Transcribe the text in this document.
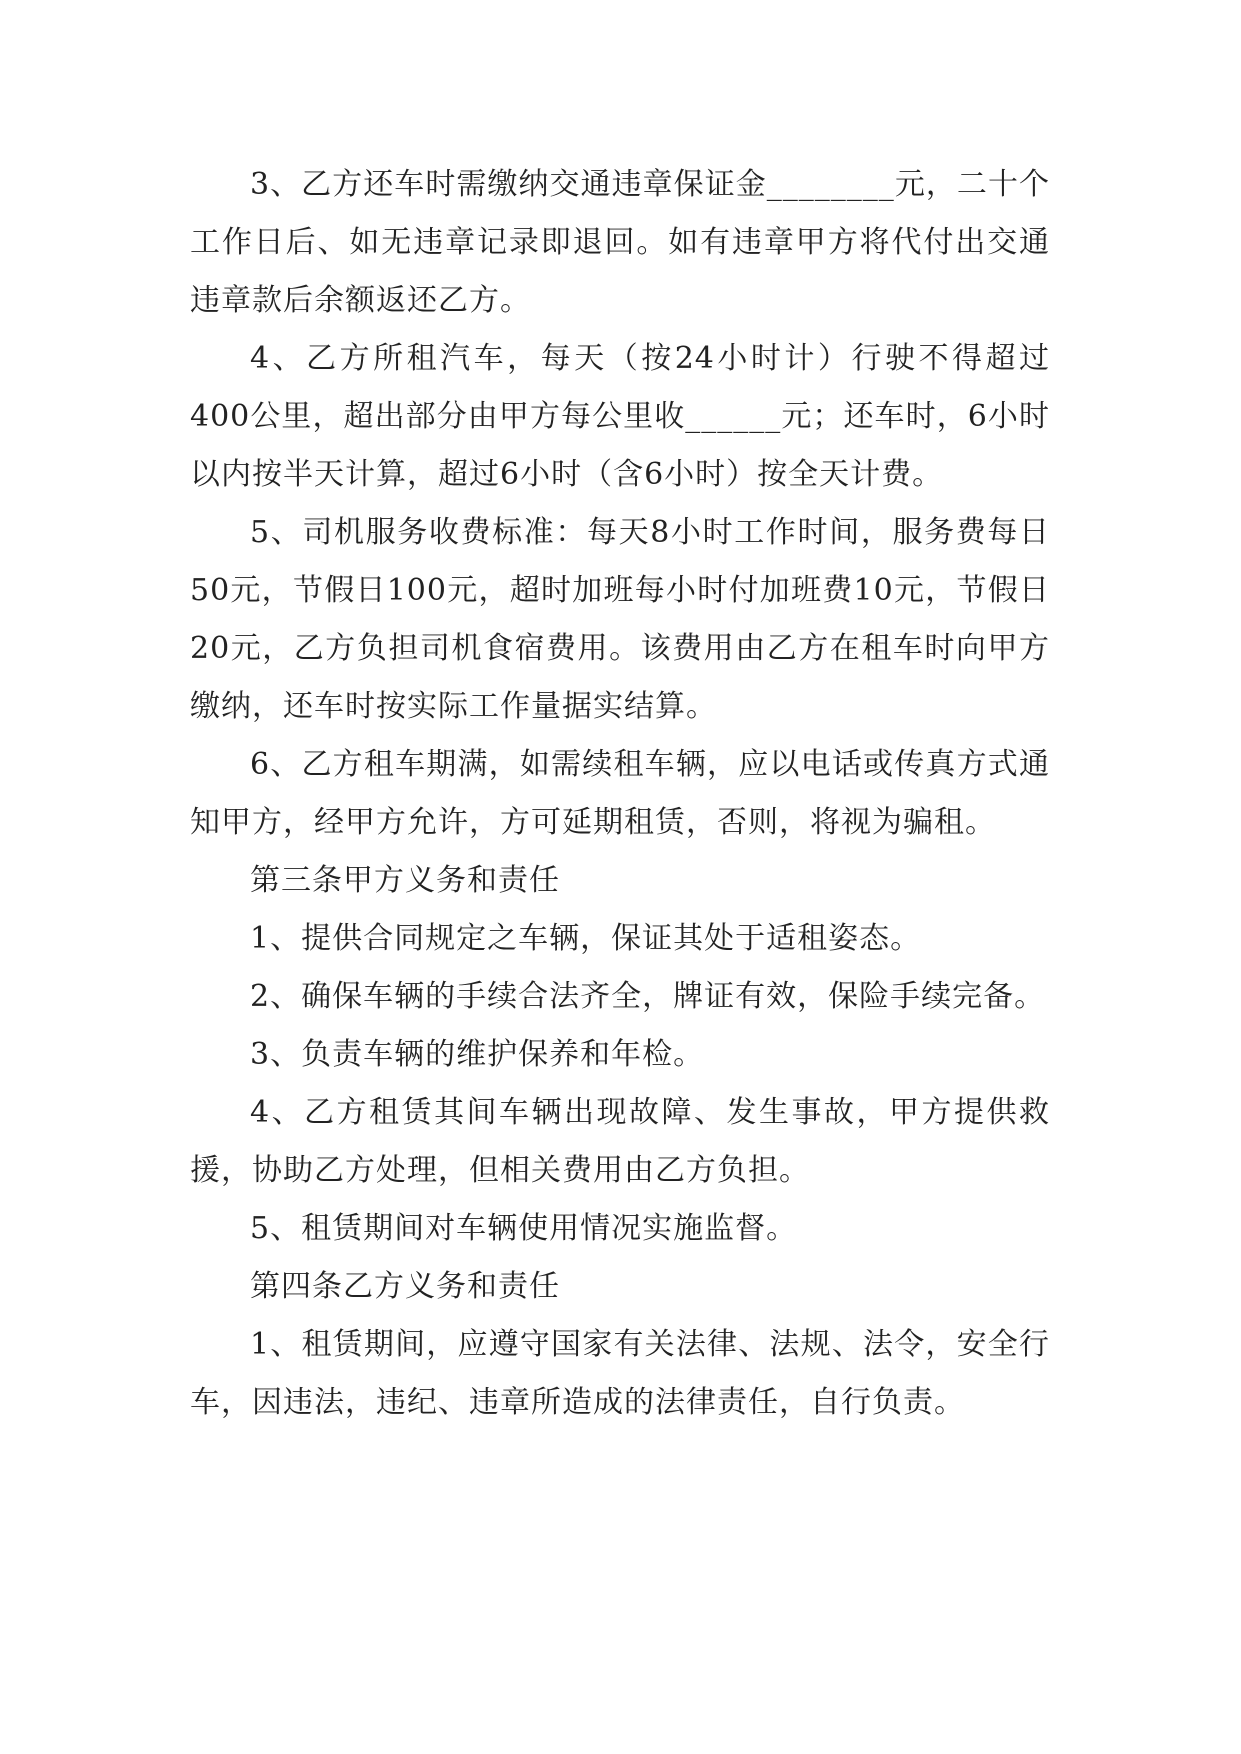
3、乙方还车时需缴纳交通违章保证金________元，二十个工作日后、如无违章记录即退回。如有违章甲方将代付出交通违章款后余额返还乙方。

4、乙方所租汽车，每天（按24小时计）行驶不得超过400公里，超出部分由甲方每公里收______元；还车时，6小时以内按半天计算，超过6小时（含6小时）按全天计费。

5、司机服务收费标准：每天8小时工作时间，服务费每日50元，节假日100元，超时加班每小时付加班费10元，节假日20元，乙方负担司机食宿费用。该费用由乙方在租车时向甲方缴纳，还车时按实际工作量据实结算。

6、乙方租车期满，如需续租车辆，应以电话或传真方式通知甲方，经甲方允许，方可延期租赁，否则，将视为骗租。

第三条甲方义务和责任

1、提供合同规定之车辆，保证其处于适租姿态。

2、确保车辆的手续合法齐全，牌证有效，保险手续完备。

3、负责车辆的维护保养和年检。

4、乙方租赁其间车辆出现故障、发生事故，甲方提供救援，协助乙方处理，但相关费用由乙方负担。

5、租赁期间对车辆使用情况实施监督。

第四条乙方义务和责任

1、租赁期间，应遵守国家有关法律、法规、法令，安全行车，因违法，违纪、违章所造成的法律责任，自行负责。
